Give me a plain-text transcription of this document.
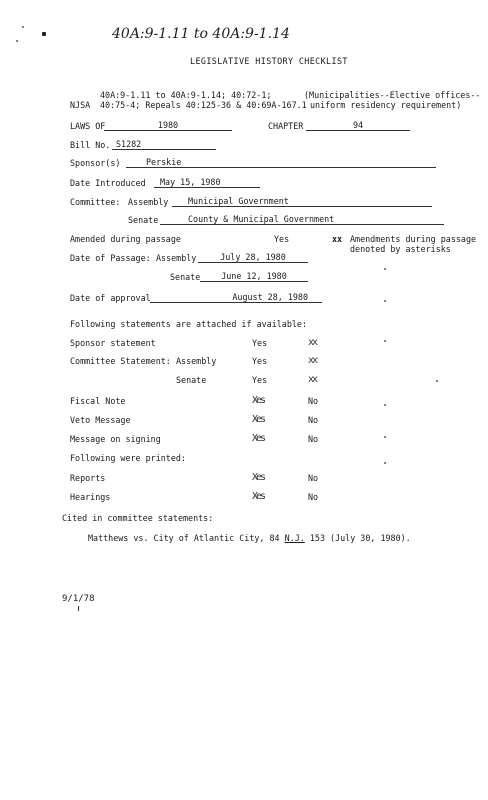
40A:9-1.11 to 40A:9-1.14
LEGISLATIVE HISTORY CHECKLIST
NJSA
40A:9-1.11 to 40A:9-1.14; 40:72-1;
40:75-4; Repeals 40:125-36 & 40:69A-167.1
(Municipalities--Elective offices--
uniform residency requirement)
LAWS OF	1980	CHAPTER	94
Bill No. S1282
Sponsor(s)	Perskie
Date Introduced	May 15, 1980
Committee: Assembly	Municipal Government
Senate	County & Municipal Government
Amended during passage	Yes	xx Amendments during passage
denoted by asterisks
Date of Passage: Assembly	July 28, 1980
Senate	June 12, 1980
Date of approval	August 28, 1980
Following statements are attached if available:
Sponsor statement	Yes	xx
Committee Statement: Assembly	Yes	xx
Senate	Yes	xx
Fiscal Note	Xes	No
Veto Message	Xes	No
Message on signing	Xes	No
Following were printed:
Reports	Xes	No
Hearings	Xes	No
Cited in committee statements:
Matthews vs. City of Atlantic City, 84 N.J. 153 (July 30, 1980).
9/1/78
